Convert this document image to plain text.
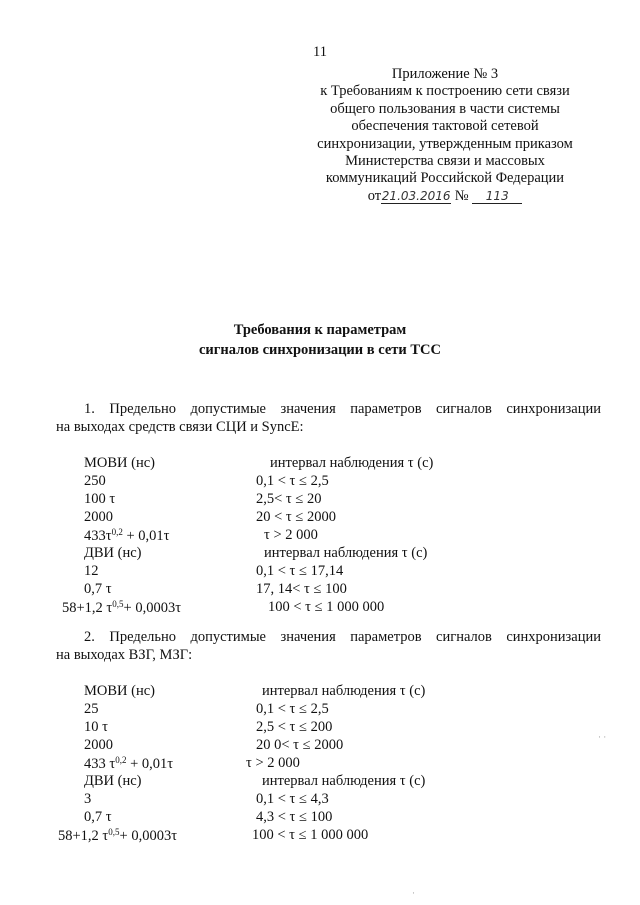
11
Приложение № 3
к Требованиям к построению сети связи
общего пользования в части системы
обеспечения тактовой сетевой
синхронизации, утвержденным приказом
Министерства связи и массовых
коммуникаций Российской Федерации
от21.03.2016 № 113
Требования к параметрам
сигналов синхронизации в сети ТСС
1. Предельно допустимые значения параметров сигналов синхронизации
на выходах средств связи СЦИ и SyncE:
МОВИ (нс)	интервал наблюдения τ (с)
250	0,1 < τ ≤ 2,5
100 τ	2,5< τ ≤ 20
2000	20 < τ ≤ 2000
$433\tau^{0,2} + 0,01\tau$	τ > 2 000
ДВИ (нс)	интервал наблюдения τ (с)
12	0,1 < τ ≤ 17,14
0,7 τ	17, 14< τ ≤ 100
58+1,2 $\tau^{0,5}+ 0,0003\tau$	100 < τ ≤ 1 000 000
2. Предельно допустимые значения параметров сигналов синхронизации
на выходах ВЗГ, МЗГ:
МОВИ (нс)	интервал наблюдения τ (с)
25	0,1 < τ ≤ 2,5
10 τ	2,5 < τ ≤ 200
2000	20 0< τ ≤ 2000
433 $\tau^{0,2} + 0,01\tau$	τ > 2 000
ДВИ (нс)	интервал наблюдения τ (с)
3	0,1 < τ ≤ 4,3
0,7 τ	4,3 < τ ≤ 100
58+1,2 $\tau^{0,5}+ 0,0003\tau$	100 < τ ≤ 1 000 000
· ·
·
